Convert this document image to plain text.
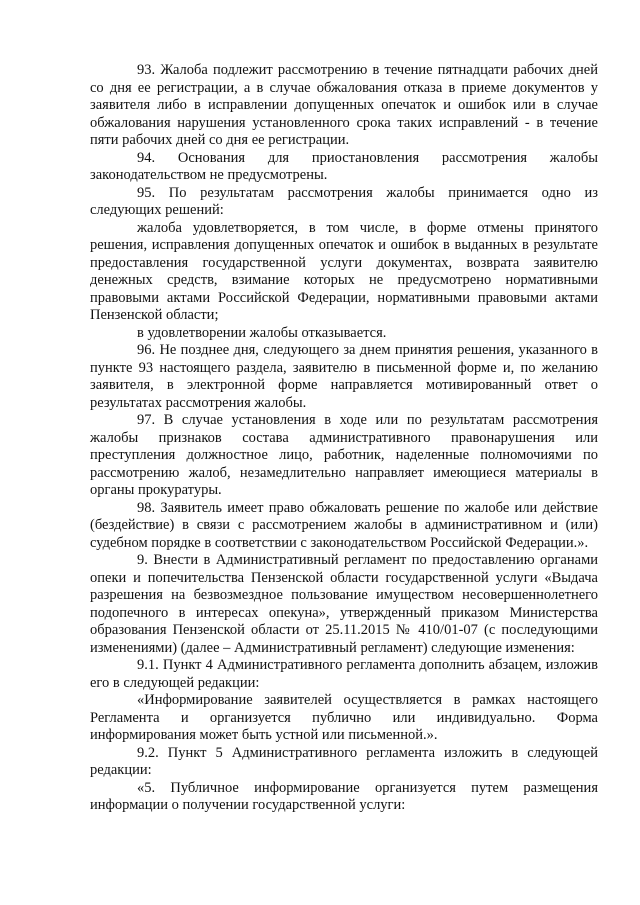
93. Жалоба подлежит рассмотрению в течение пятнадцати рабочих дней со дня ее регистрации, а в случае обжалования отказа в приеме документов у заявителя либо в исправлении допущенных опечаток и ошибок или в случае обжалования нарушения установленного срока таких исправлений - в течение пяти рабочих дней со дня ее регистрации.

94. Основания для приостановления рассмотрения жалобы законодательством не предусмотрены.

95. По результатам рассмотрения жалобы принимается одно из следующих решений:

жалоба удовлетворяется, в том числе, в форме отмены принятого решения, исправления допущенных опечаток и ошибок в выданных в результате предоставления государственной услуги документах, возврата заявителю денежных средств, взимание которых не предусмотрено нормативными правовыми актами Российской Федерации, нормативными правовыми актами Пензенской области;

в удовлетворении жалобы отказывается.

96. Не позднее дня, следующего за днем принятия решения, указанного в пункте 93 настоящего раздела, заявителю в письменной форме и, по желанию заявителя, в электронной форме направляется мотивированный ответ о результатах рассмотрения жалобы.

97. В случае установления в ходе или по результатам рассмотрения жалобы признаков состава административного правонарушения или преступления должностное лицо, работник, наделенные полномочиями по рассмотрению жалоб, незамедлительно направляет имеющиеся материалы в органы прокуратуры.

98. Заявитель имеет право обжаловать решение по жалобе или действие (бездействие) в связи с рассмотрением жалобы в административном и (или) судебном порядке в соответствии с законодательством Российской Федерации.».

9. Внести в Административный регламент по предоставлению органами опеки и попечительства Пензенской области государственной услуги «Выдача разрешения на безвозмездное пользование имуществом несовершеннолетнего подопечного в интересах опекуна», утвержденный приказом Министерства образования Пензенской области от 25.11.2015 № 410/01-07 (с последующими изменениями) (далее – Административный регламент) следующие изменения:

9.1. Пункт 4 Административного регламента дополнить абзацем, изложив его в следующей редакции:

«Информирование заявителей осуществляется в рамках настоящего Регламента и организуется публично или индивидуально. Форма информирования может быть устной или письменной.».

9.2. Пункт 5 Административного регламента изложить в следующей редакции:

«5. Публичное информирование организуется путем размещения информации о получении государственной услуги:
